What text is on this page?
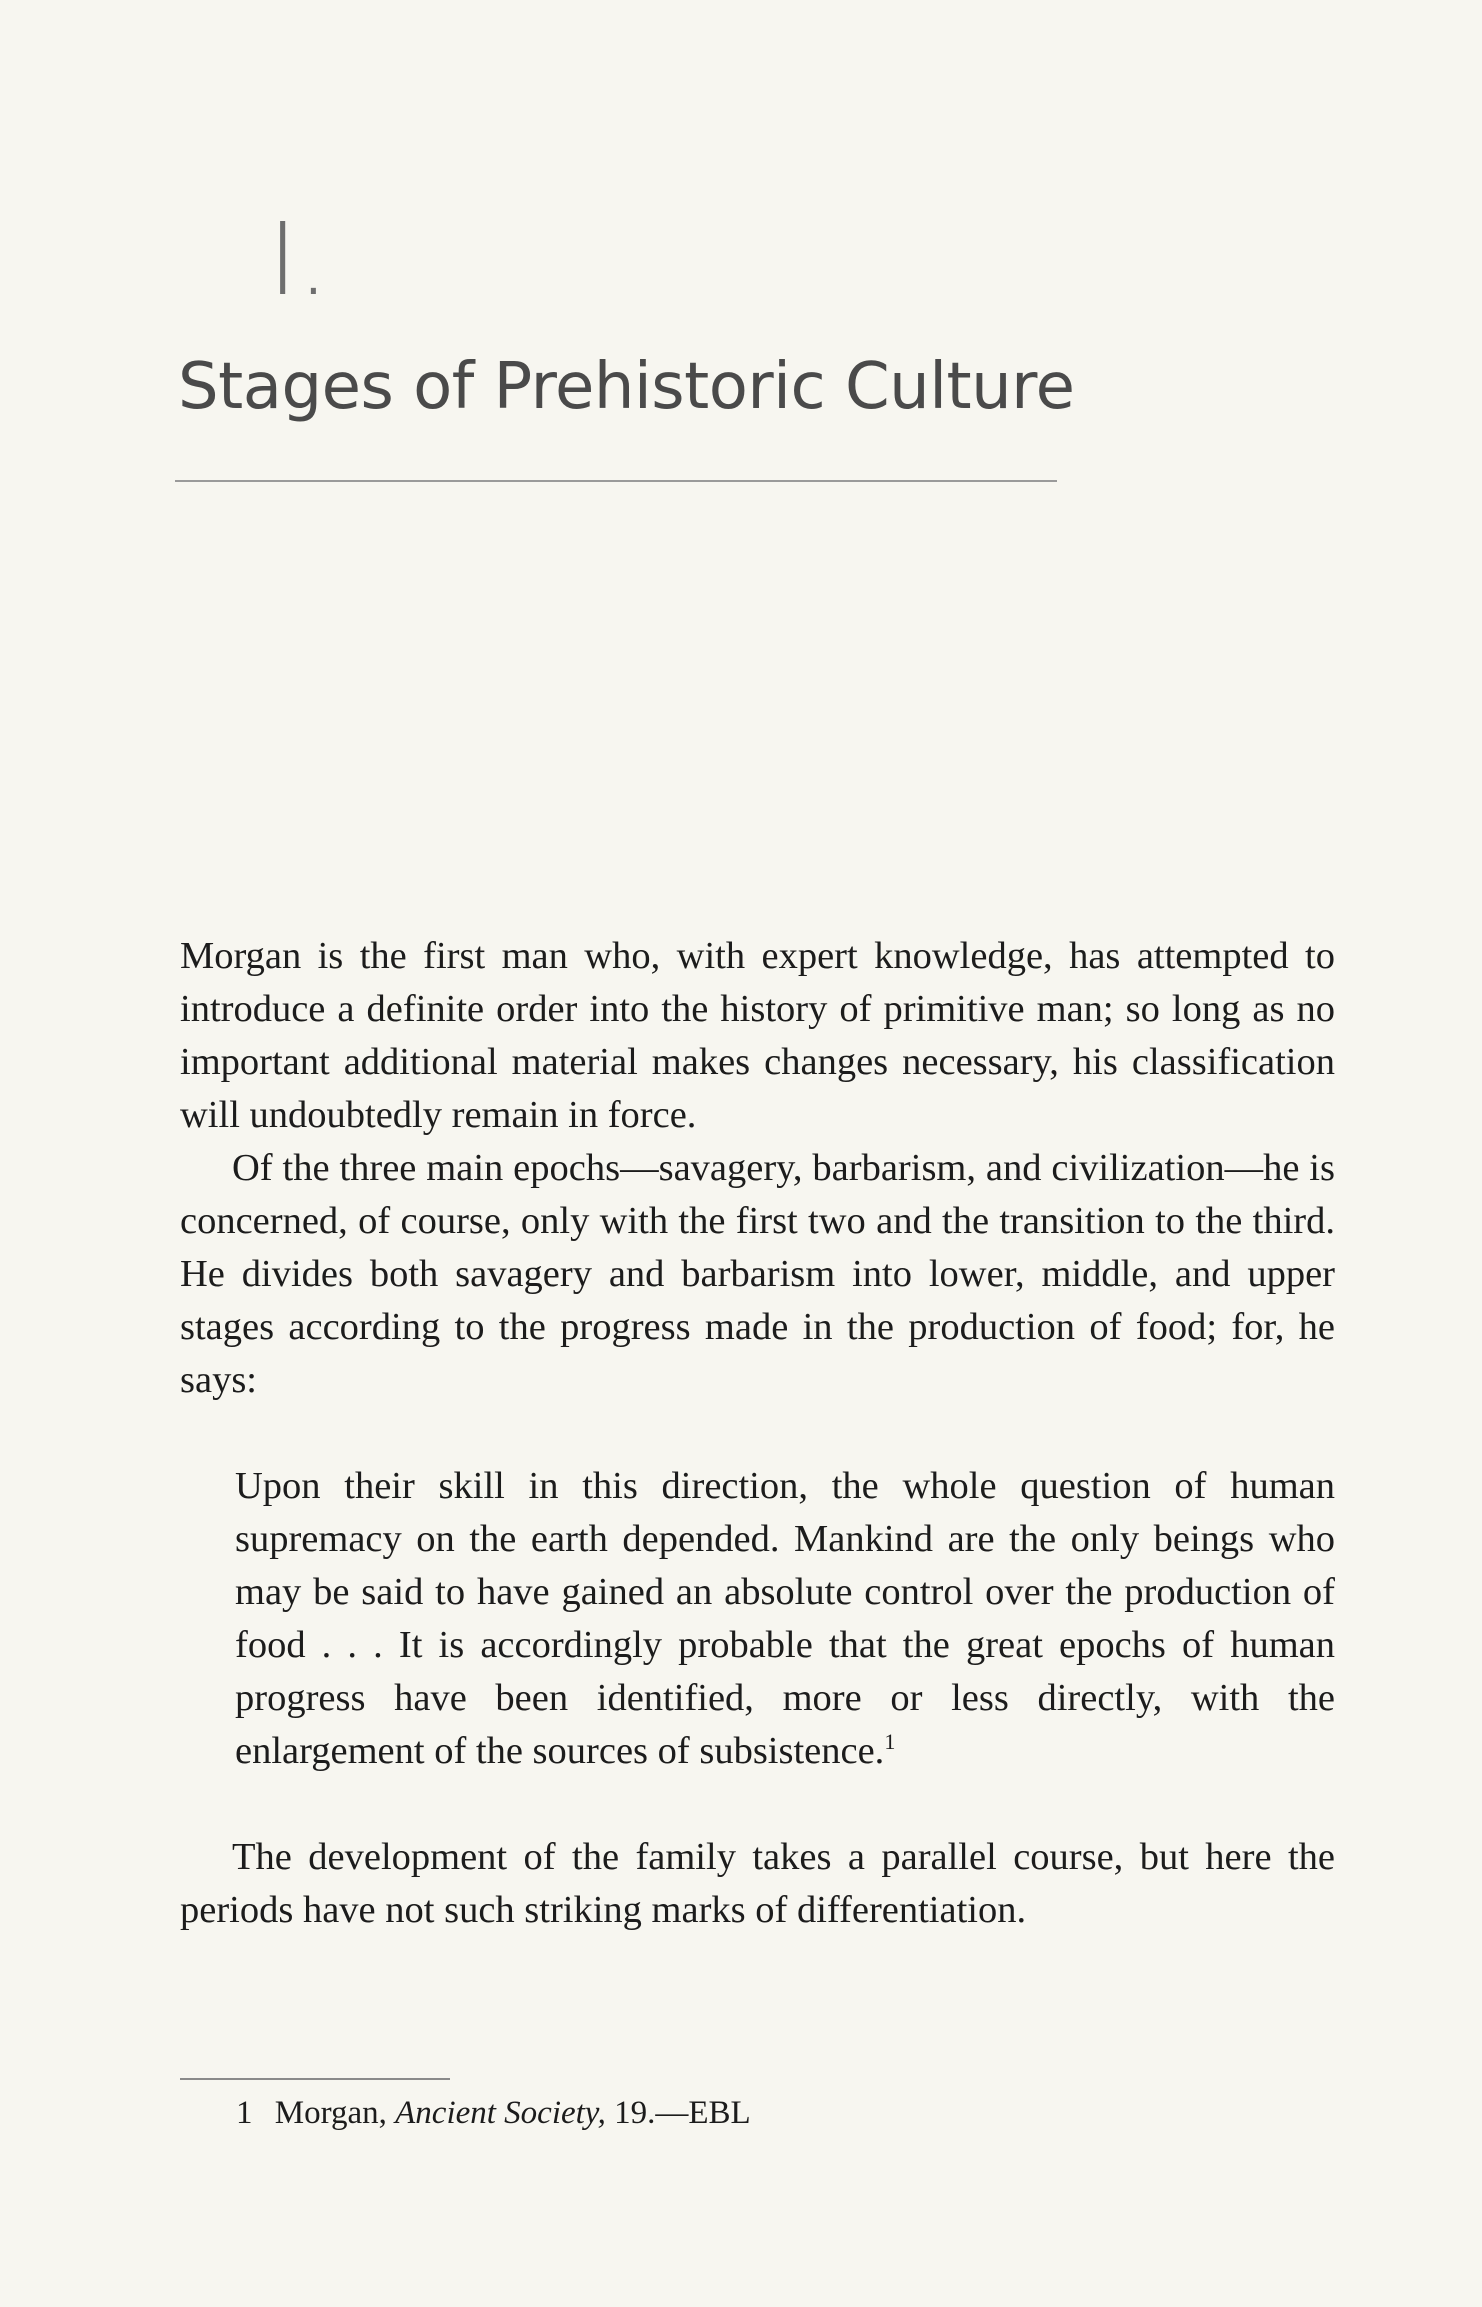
I.
Stages of Prehistoric Culture

Morgan is the first man who, with expert knowledge, has attempted to introduce a definite order into the history of primitive man; so long as no important additional material makes changes necessary, his classification will undoubtedly remain in force.

Of the three main epochs—savagery, barbarism, and civilization—he is concerned, of course, only with the first two and the transition to the third. He divides both savagery and barbarism into lower, middle, and upper stages according to the progress made in the production of food; for, he says:

Upon their skill in this direction, the whole question of human supremacy on the earth depended. Mankind are the only beings who may be said to have gained an absolute control over the production of food . . . It is accordingly probable that the great epochs of human progress have been identified, more or less directly, with the enlargement of the sources of subsistence.$^1$

The development of the family takes a parallel course, but here the periods have not such striking marks of differentiation.

1 Morgan, Ancient Society, 19.—EBL
